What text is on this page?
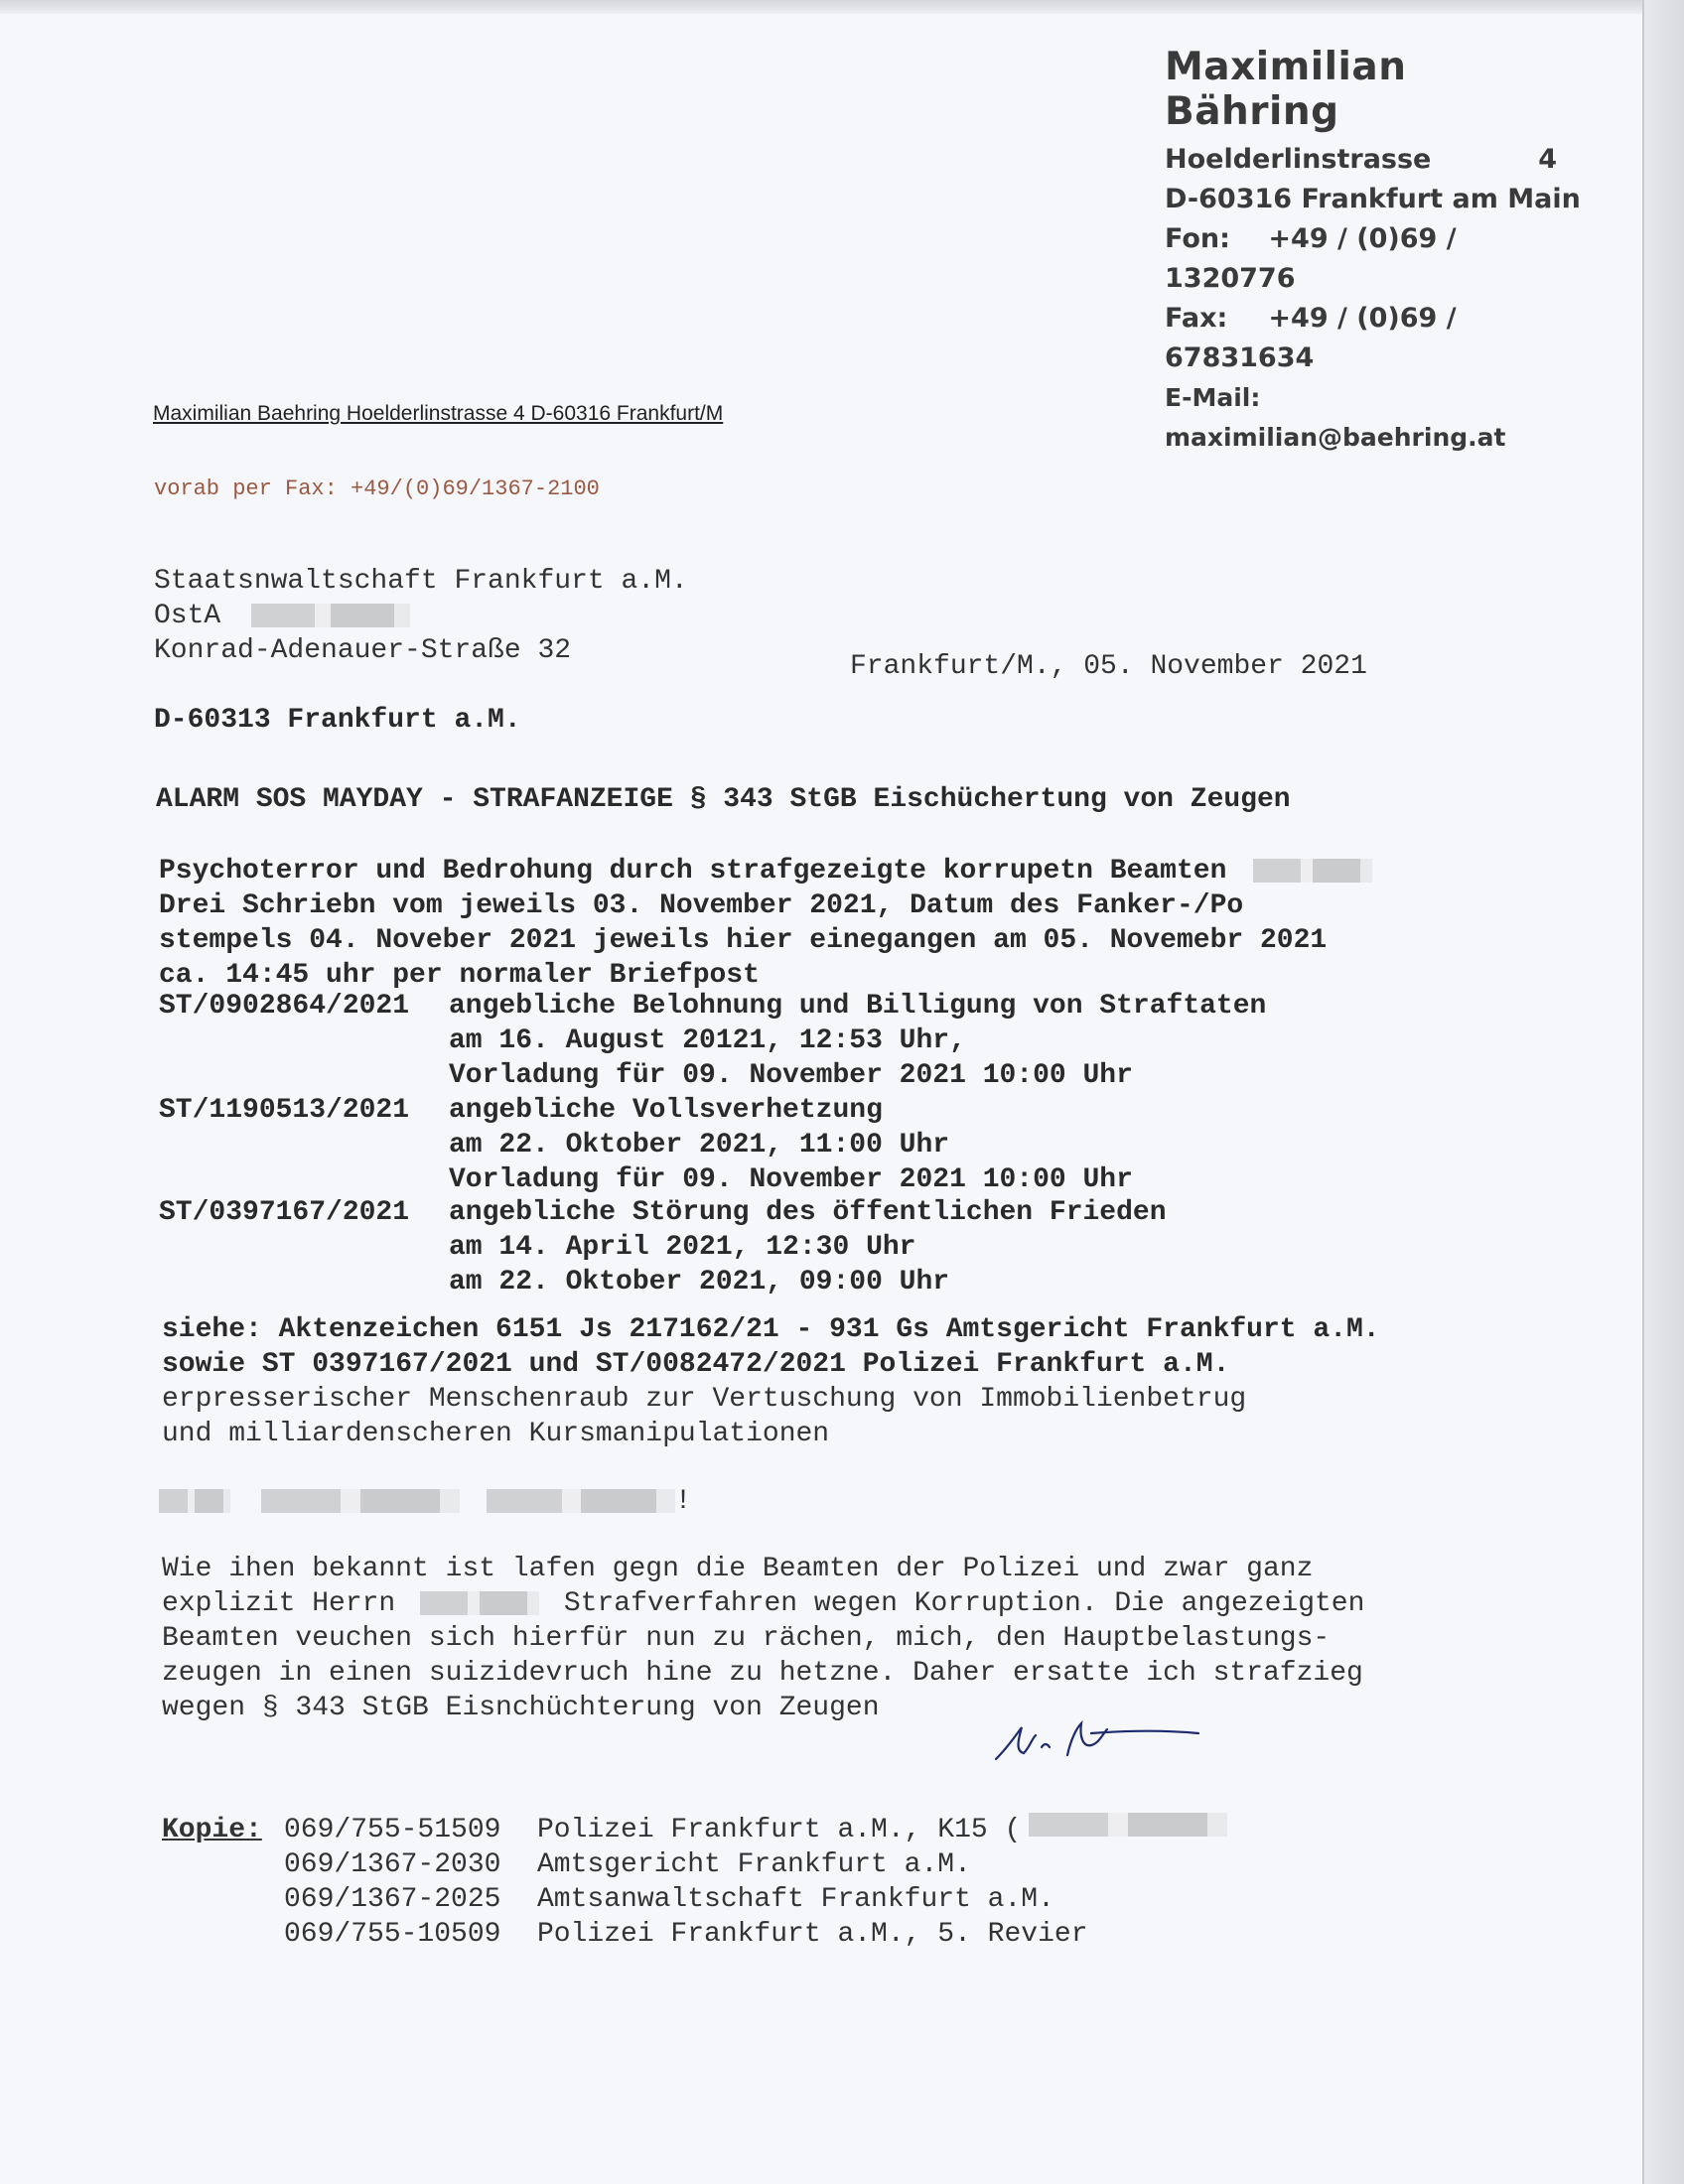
Maximilian Bähring
Hoelderlinstrasse	4
D-60316 Frankfurt am Main
Fon: +49 / (0)69 / 1320776
Fax: +49 / (0)69 / 67831634
E-Mail: maximilian@baehring.at
Maximilian Baehring Hoelderlinstrasse 4 D-60316 Frankfurt/M
vorab per Fax: +49/(0)69/1367-2100
Staatsnwaltschaft Frankfurt a.M.
OstA
Konrad-Adenauer-Straße 32
D-60313 Frankfurt a.M.
Frankfurt/M., 05. November 2021
ALARM SOS MAYDAY - STRAFANZEIGE § 343 StGB Eischüchertung von Zeugen
Psychoterror und Bedrohung durch strafgezeigte korrupetn Beamten
Drei Schriebn vom jeweils 03. November 2021, Datum des Fanker-/Po
stempels 04. Noveber 2021 jeweils hier einegangen am 05. Novemebr 2021
ca. 14:45 uhr per normaler Briefpost
ST/0902864/2021 angebliche Belohnung und Billigung von Straftaten
am 16. August 20121, 12:53 Uhr,
Vorladung für 09. November 2021 10:00 Uhr
ST/1190513/2021 angebliche Vollsverhetzung
am 22. Oktober 2021, 11:00 Uhr
Vorladung für 09. November 2021 10:00 Uhr
ST/0397167/2021 angebliche Störung des öffentlichen Frieden
am 14. April 2021, 12:30 Uhr
am 22. Oktober 2021, 09:00 Uhr
siehe: Aktenzeichen 6151 Js 217162/21 - 931 Gs Amtsgericht Frankfurt a.M.
sowie ST 0397167/2021 und ST/0082472/2021 Polizei Frankfurt a.M.
erpresserischer Menschenraub zur Vertuschung von Immobilienbetrug
und milliardenscheren Kursmanipulationen
!
Wie ihen bekannt ist lafen gegn die Beamten der Polizei und zwar ganz
explizit Herrn	Strafverfahren wegen Korruption. Die angezeigten
Beamten veuchen sich hierfür nun zu rächen, mich, den Hauptbelastungs-
zeugen in einen suizidevruch hine zu hetzne. Daher ersatte ich strafzieg
wegen § 343 StGB Eisnchüchterung von Zeugen
Kopie: 069/755-51509	Polizei Frankfurt a.M., K15 (
069/1367-2030	Amtsgericht Frankfurt a.M.
069/1367-2025	Amtsanwaltschaft Frankfurt a.M.
069/755-10509	Polizei Frankfurt a.M., 5. Revier
